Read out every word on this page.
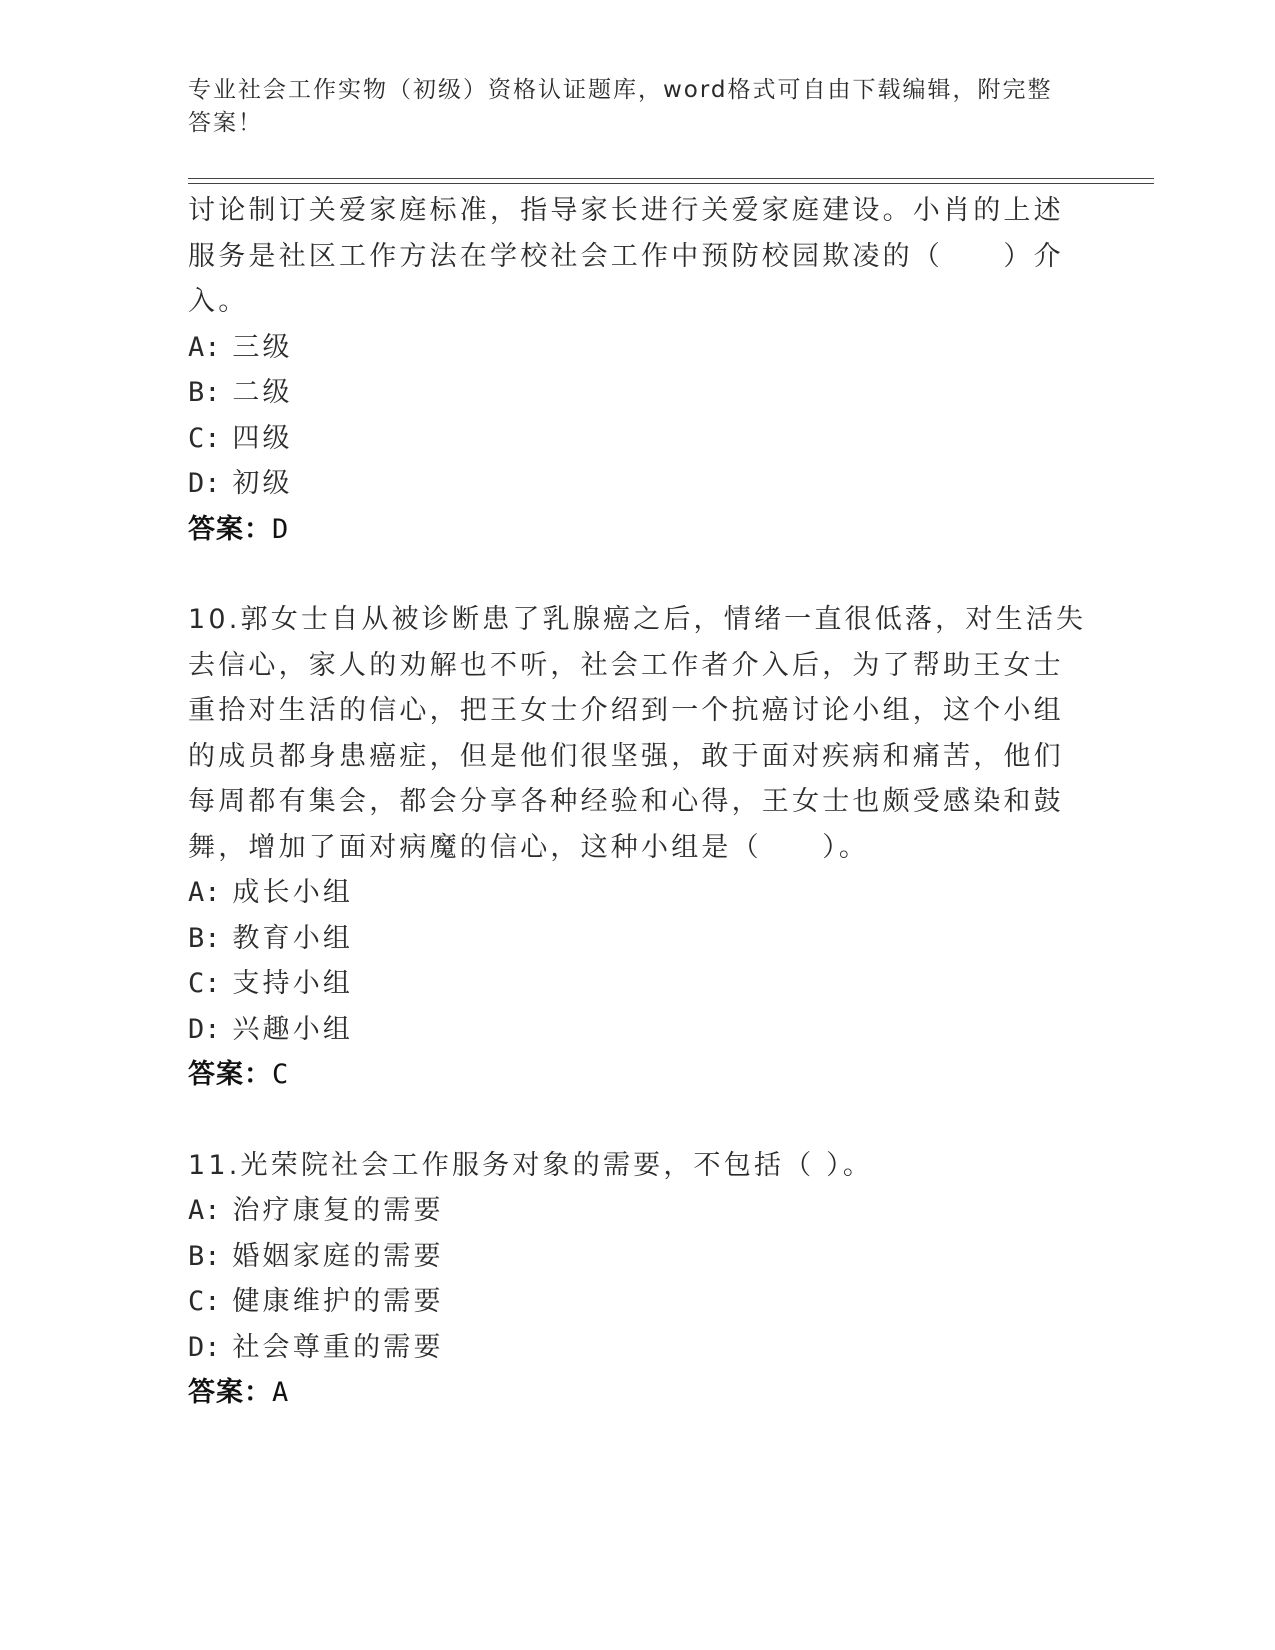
专业社会工作实物（初级）资格认证题库，word格式可自由下载编辑，附完整答案！
讨论制订关爱家庭标准，指导家长进行关爱家庭建设。小肖的上述服务是社区工作方法在学校社会工作中预防校园欺凌的（　　）介入。
A: 三级
B: 二级
C: 四级
D: 初级
答案：D
10.郭女士自从被诊断患了乳腺癌之后，情绪一直很低落，对生活失去信心，家人的劝解也不听，社会工作者介入后，为了帮助王女士重拾对生活的信心，把王女士介绍到一个抗癌讨论小组，这个小组的成员都身患癌症，但是他们很坚强，敢于面对疾病和痛苦，他们每周都有集会，都会分享各种经验和心得，王女士也颇受感染和鼓舞，增加了面对病魔的信心，这种小组是（　　）。
A: 成长小组
B: 教育小组
C: 支持小组
D: 兴趣小组
答案：C
11.光荣院社会工作服务对象的需要，不包括（ ）。
A: 治疗康复的需要
B: 婚姻家庭的需要
C: 健康维护的需要
D: 社会尊重的需要
答案：A
